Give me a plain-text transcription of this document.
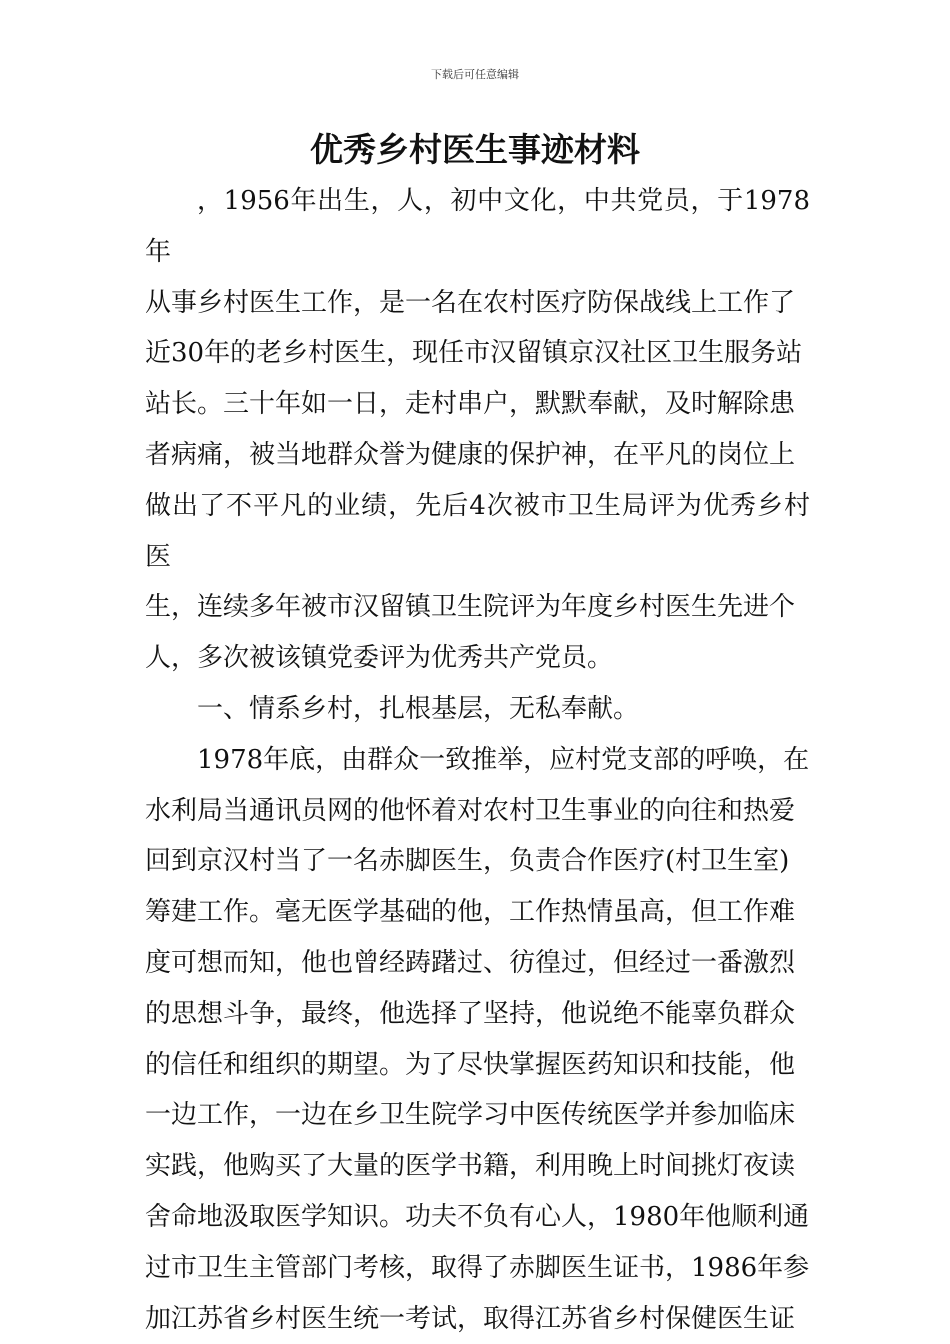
下载后可任意编辑
优秀乡村医生事迹材料

，1956年出生，人，初中文化，中共党员，于1978年

从事乡村医生工作，是一名在农村医疗防保战线上工作了

近30年的老乡村医生，现任市汉留镇京汉社区卫生服务站

站长。三十年如一日，走村串户，默默奉献，及时解除患

者病痛，被当地群众誉为健康的保护神，在平凡的岗位上

做出了不平凡的业绩，先后4次被市卫生局评为优秀乡村医

生，连续多年被市汉留镇卫生院评为年度乡村医生先进个

人，多次被该镇党委评为优秀共产党员。

一、情系乡村，扎根基层，无私奉献。

1978年底，由群众一致推举，应村党支部的呼唤，在

水利局当通讯员网的他怀着对农村卫生事业的向往和热爱

回到京汉村当了一名赤脚医生，负责合作医疗(村卫生室)

筹建工作。毫无医学基础的他，工作热情虽高，但工作难

度可想而知，他也曾经踌躇过、彷徨过，但经过一番激烈

的思想斗争，最终，他选择了坚持，他说绝不能辜负群众

的信任和组织的期望。为了尽快掌握医药知识和技能，他

一边工作，一边在乡卫生院学习中医传统医学并参加临床

实践，他购买了大量的医学书籍，利用晚上时间挑灯夜读

舍命地汲取医学知识。功夫不负有心人，1980年他顺利通

过市卫生主管部门考核，取得了赤脚医生证书，1986年参

加江苏省乡村医生统一考试，取得江苏省乡村保健医生证
